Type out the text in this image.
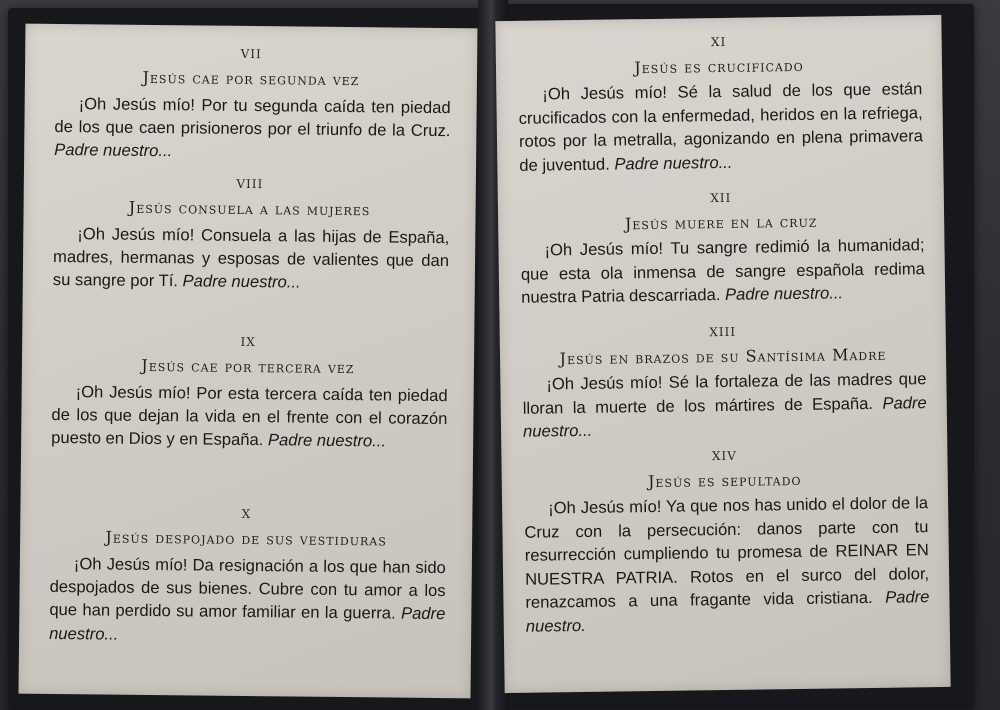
VII
Jesús cae por segunda vez
¡Oh Jesús mío! Por tu segunda caída ten piedad de los que caen prisioneros por el triunfo de la Cruz. Padre nuestro...
VIII
Jesús consuela a las mujeres
¡Oh Jesús mío! Consuela a las hijas de España, madres, hermanas y esposas de valientes que dan su sangre por Tí. Padre nuestro...
IX
Jesús cae por tercera vez
¡Oh Jesús mío! Por esta tercera caída ten piedad de los que dejan la vida en el frente con el corazón puesto en Dios y en España. Padre nuestro...
X
Jesús despojado de sus vestiduras
¡Oh Jesús mío! Da resignación a los que han sido despojados de sus bienes. Cubre con tu amor a los que han perdido su amor familiar en la guerra. Padre nuestro...
XI
Jesús es crucificado
¡Oh Jesús mío! Sé la salud de los que están crucificados con la enfermedad, heridos en la refriega, rotos por la metralla, agonizando en plena primavera de juventud. Padre nuestro...
XII
Jesús muere en la cruz
¡Oh Jesús mío! Tu sangre redimió la humanidad; que esta ola inmensa de sangre española redima nuestra Patria descarriada. Padre nuestro...
XIII
Jesús en brazos de su Santísima Madre
¡Oh Jesús mío! Sé la fortaleza de las madres que lloran la muerte de los mártires de España. Padre nuestro...
XIV
Jesús es sepultado
¡Oh Jesús mío! Ya que nos has unido el dolor de la Cruz con la persecución: danos parte con tu resurrección cumpliendo tu promesa de REINAR EN NUESTRA PATRIA. Rotos en el surco del dolor, renazcamos a una fragante vida cristiana. Padre nuestro.
